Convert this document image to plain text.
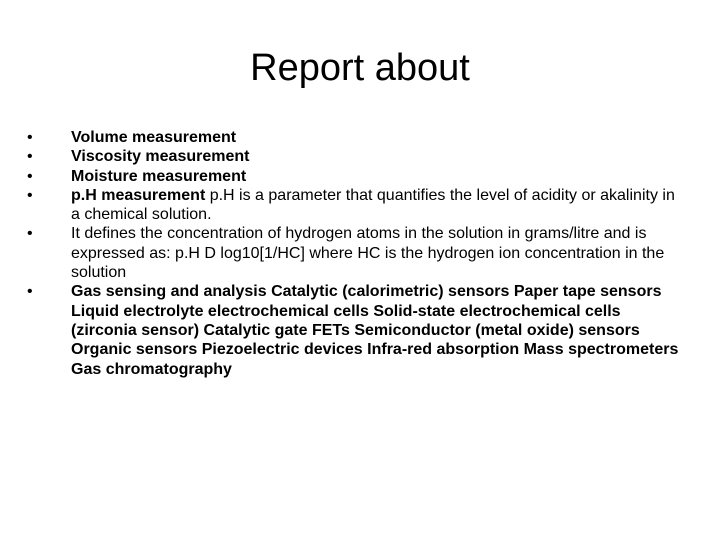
Report about
•	Volume measurement
•	Viscosity measurement
•	Moisture measurement
•	p.H measurement p.H is a parameter that quantifies the level of acidity or akalinity in a chemical solution.
•	It defines the concentration of hydrogen atoms in the solution in grams/litre and is expressed as: p.H D log10[1/HC] where HC is the hydrogen ion concentration in the solution
•	Gas sensing and analysis Catalytic (calorimetric) sensors Paper tape sensors Liquid electrolyte electrochemical cells Solid-state electrochemical cells (zirconia sensor) Catalytic gate FETs Semiconductor (metal oxide) sensors Organic sensors Piezoelectric devices Infra-red absorption Mass spectrometers Gas chromatography
